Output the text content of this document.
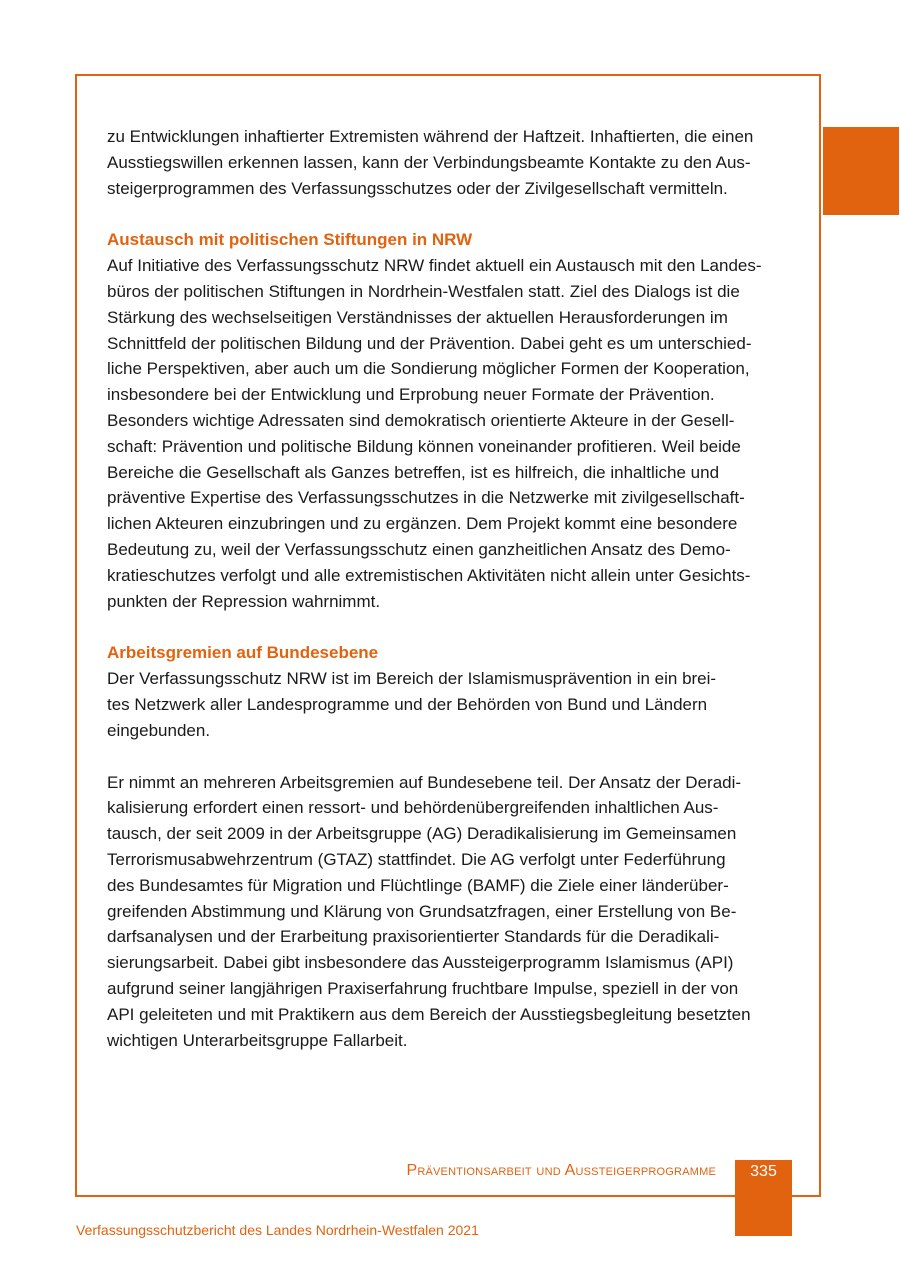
zu Entwicklungen inhaftierter Extremisten während der Haftzeit. Inhaftierten, die einen

Ausstiegswillen erkennen lassen, kann der Verbindungsbeamte Kontakte zu den Aus-

steigerprogrammen des Verfassungsschutzes oder der Zivilgesellschaft vermitteln.

Austausch mit politischen Stiftungen in NRW

Auf Initiative des Verfassungsschutz NRW findet aktuell ein Austausch mit den Landes-

büros der politischen Stiftungen in Nordrhein-Westfalen statt. Ziel des Dialogs ist die

Stärkung des wechselseitigen Verständnisses der aktuellen Herausforderungen im

Schnittfeld der politischen Bildung und der Prävention. Dabei geht es um unterschied-

liche Perspektiven, aber auch um die Sondierung möglicher Formen der Kooperation,

insbesondere bei der Entwicklung und Erprobung neuer Formate der Prävention.

Besonders wichtige Adressaten sind demokratisch orientierte Akteure in der Gesell-

schaft: Prävention und politische Bildung können voneinander profitieren. Weil beide

Bereiche die Gesellschaft als Ganzes betreffen, ist es hilfreich, die inhaltliche und

präventive Expertise des Verfassungsschutzes in die Netzwerke mit zivilgesellschaft-

lichen Akteuren einzubringen und zu ergänzen. Dem Projekt kommt eine besondere

Bedeutung zu, weil der Verfassungsschutz einen ganzheitlichen Ansatz des Demo-

kratieschutzes verfolgt und alle extremistischen Aktivitäten nicht allein unter Gesichts-

punkten der Repression wahrnimmt.

Arbeitsgremien auf Bundesebene

Der Verfassungsschutz NRW ist im Bereich der Islamismusprävention in ein brei-

tes Netzwerk aller Landesprogramme und der Behörden von Bund und Ländern

eingebunden.

Er nimmt an mehreren Arbeitsgremien auf Bundesebene teil. Der Ansatz der Deradi-

kalisierung erfordert einen ressort- und behördenübergreifenden inhaltlichen Aus-

tausch, der seit 2009 in der Arbeitsgruppe (AG) Deradikalisierung im Gemeinsamen

Terrorismusabwehrzentrum (GTAZ) stattfindet. Die AG verfolgt unter Federführung

des Bundesamtes für Migration und Flüchtlinge (BAMF) die Ziele einer länderüber-

greifenden Abstimmung und Klärung von Grundsatzfragen, einer Erstellung von Be-

darfsanalysen und der Erarbeitung praxisorientierter Standards für die Deradikali-

sierungsarbeit. Dabei gibt insbesondere das Aussteigerprogramm Islamismus (API)

aufgrund seiner langjährigen Praxiserfahrung fruchtbare Impulse, speziell in der von

API geleiteten und mit Praktikern aus dem Bereich der Ausstiegsbegleitung besetzten

wichtigen Unterarbeitsgruppe Fallarbeit.

Präventionsarbeit und Aussteigerprogramme	335
Verfassungsschutzbericht des Landes Nordrhein-Westfalen 2021
